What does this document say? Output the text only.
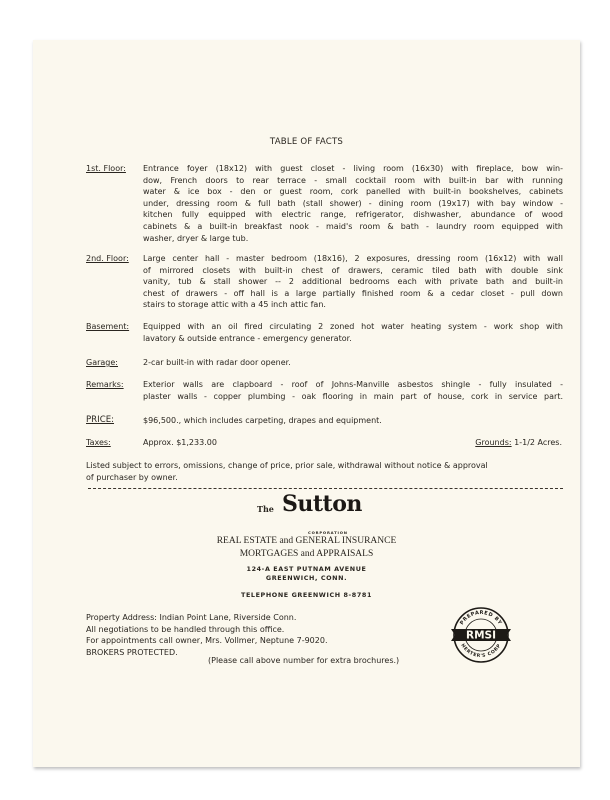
TABLE OF FACTS
1st. Floor: Entrance foyer (18x12) with guest closet - living room (16x30) with fireplace, bow win-
dow, French doors to rear terrace - small cocktail room with built-in bar with running
water & ice box - den or guest room, cork panelled with built-in bookshelves, cabinets
under, dressing room & full bath (stall shower) - dining room (19x17) with bay window -
kitchen fully equipped with electric range, refrigerator, dishwasher, abundance of wood
cabinets & a built-in breakfast nook - maid's room & bath - laundry room equipped with
washer, dryer & large tub.
2nd. Floor: Large center hall - master bedroom (18x16), 2 exposures, dressing room (16x12) with wall
of mirrored closets with built-in chest of drawers, ceramic tiled bath with double sink
vanity, tub & stall shower -- 2 additional bedrooms each with private bath and built-in
chest of drawers - off hall is a large partially finished room & a cedar closet - pull down
stairs to storage attic with a 45 inch attic fan.
Basement: Equipped with an oil fired circulating 2 zoned hot water heating system - work shop with
lavatory & outside entrance - emergency generator.
Garage:	2-car built-in with radar door opener.
Remarks: Exterior walls are clapboard - roof of Johns-Manville asbestos shingle - fully insulated -
plaster walls - copper plumbing - oak flooring in main part of house, cork in service part.
PRICE:	$96,500., which includes carpeting, drapes and equipment.
Taxes:	Approx. $1,233.00	Grounds: 1-1/2 Acres.
Listed subject to errors, omissions, change of price, prior sale, withdrawal without notice & approval
of purchaser by owner.
The Sutton
CORPORATION
REAL ESTATE and GENERAL INSURANCE
MORTGAGES and APPRAISALS
124-A EAST PUTNAM AVENUE
GREENWICH, CONN.
TELEPHONE GREENWICH 8-8781
Property Address: Indian Point Lane, Riverside Conn.
All negotiations to be handled through this office.
For appointments call owner, Mrs. Vollmer, Neptune 7-9020.
BROKERS PROTECTED.
(Please call above number for extra brochures.)
PREPARED BY
HERTER'S CORP
RMSI
